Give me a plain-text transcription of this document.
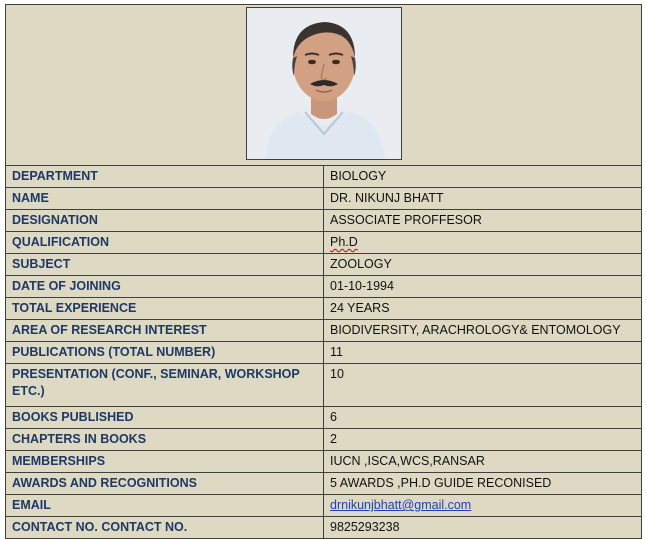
DEPARTMENT	BIOLOGY
NAME	DR. NIKUNJ BHATT
DESIGNATION	ASSOCIATE PROFFESOR
QUALIFICATION	Ph.D
SUBJECT	ZOOLOGY
DATE OF JOINING	01-10-1994
TOTAL EXPERIENCE	24 YEARS
AREA OF RESEARCH INTEREST	BIODIVERSITY, ARACHROLOGY& ENTOMOLOGY
PUBLICATIONS (TOTAL NUMBER)	11
PRESENTATION (CONF., SEMINAR, WORKSHOP ETC.)	10
BOOKS PUBLISHED	6
CHAPTERS IN BOOKS	2
MEMBERSHIPS	IUCN ,ISCA,WCS,RANSAR
AWARDS AND RECOGNITIONS	5 AWARDS ,PH.D GUIDE RECONISED
EMAIL	drnikunjbhatt@gmail.com
CONTACT NO. CONTACT NO.	9825293238
